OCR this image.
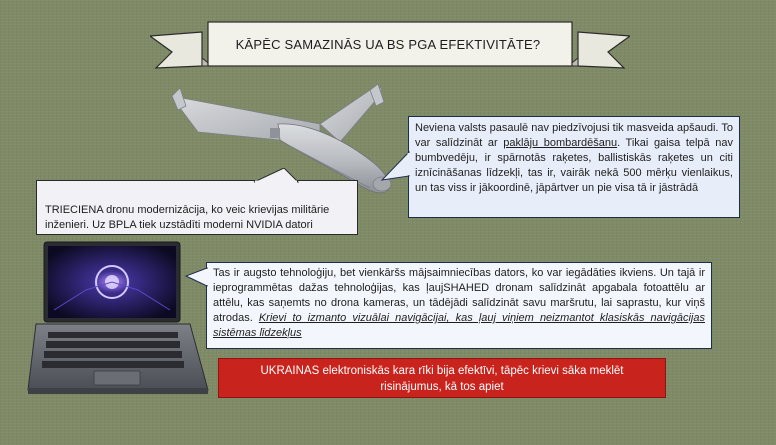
KĀPĒC SAMAZINĀS UA BS PGA EFEKTIVITĀTE?
Neviena valsts pasaulē nav piedzīvojusi tik masveida apšaudi. To var salīdzināt ar paklāju bombardēšanu. Tikai gaisa telpā nav bumbvedēju, ir spārnotās raķetes, ballistiskās raķetes un citi iznīcināšanas līdzekļi, tas ir, vairāk nekā 500 mērķu vienlaikus, un tas viss ir jākoordinē, jāpārtver un pie visa tā ir jāstrādā
TRIECIENA dronu modernizācija, ko veic krievijas militārie inženieri. Uz BPLA tiek uzstādīti moderni NVIDIA datori
Tas ir augsto tehnoloģiju, bet vienkāršs mājsaimniecības dators, ko var iegādāties ikviens. Un tajā ir ieprogrammētas dažas tehnoloģijas, kas ļaujSHAHED dronam salīdzināt apgabala fotoattēlu ar attēlu, kas saņemts no drona kameras, un tādējādi salīdzināt savu maršrutu, lai saprastu, kur viņš atrodas. Krievi to izmanto vizuālai navigācijai, kas ļauj viņiem neizmantot klasiskās navigācijas sistēmas līdzekļus
UKRAINAS elektroniskās kara rīki bija efektīvi, tāpēc krievi sāka meklēt risinājumus, kā tos apiet
